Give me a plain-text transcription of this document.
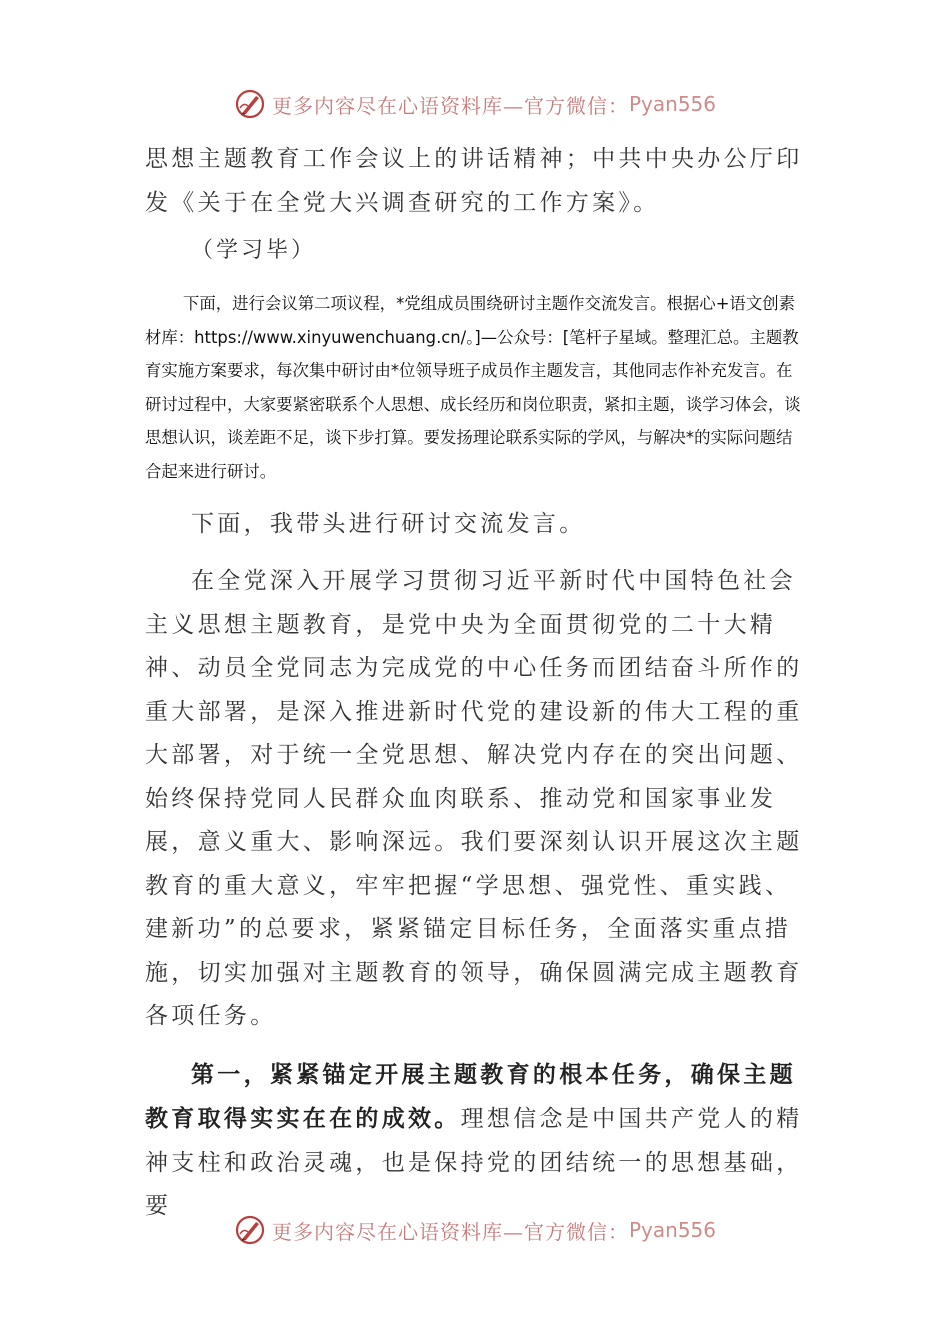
更多内容尽在心语资料库—官方微信： Pyan556

思想主题教育工作会议上的讲话精神；中共中央办公厅印

发《关于在全党大兴调查研究的工作方案》。

（学习毕）

下面，进行会议第二项议程，*党组成员围绕研讨主题作交流发言。根据心+语文创素材库：https://www.xinyuwenchuang.cn/。]—公众号：[笔杆子星域。整理汇总。主题教育实施方案要求，每次集中研讨由*位领导班子成员作主题发言，其他同志作补充发言。在研讨过程中，大家要紧密联系个人思想、成长经历和岗位职责，紧扣主题，谈学习体会，谈思想认识，谈差距不足，谈下步打算。要发扬理论联系实际的学风，与解决*的实际问题结合起来进行研讨。

下面，我带头进行研讨交流发言。

在全党深入开展学习贯彻习近平新时代中国特色社会主义思想主题教育，是党中央为全面贯彻党的二十大精神、动员全党同志为完成党的中心任务而团结奋斗所作的重大部署，是深入推进新时代党的建设新的伟大工程的重大部署，对于统一全党思想、解决党内存在的突出问题、始终保持党同人民群众血肉联系、推动党和国家事业发展，意义重大、影响深远。我们要深刻认识开展这次主题教育的重大意义，牢牢把握“学思想、强党性、重实践、建新功”的总要求，紧紧锚定目标任务，全面落实重点措施，切实加强对主题教育的领导，确保圆满完成主题教育各项任务。

第一，紧紧锚定开展主题教育的根本任务，确保主题教育取得实实在在的成效。理想信念是中国共产党人的精神支柱和政治灵魂，也是保持党的团结统一的思想基础，要

更多内容尽在心语资料库—官方微信： Pyan556
